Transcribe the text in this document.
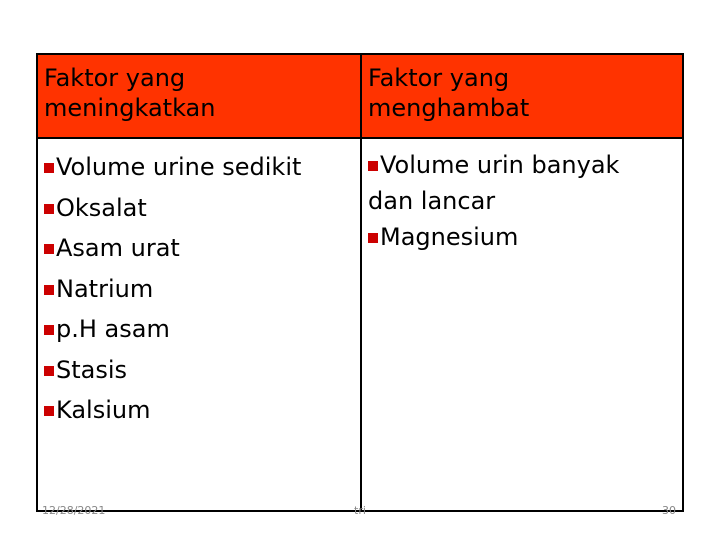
Faktor yang meningkatkan
Faktor yang menghambat
Volume urine sedikit
Oksalat
Asam urat
Natrium
p.H asam
Stasis
Kalsium
Volume urin banyak dan lancar
Magnesium
12/28/2021	tri	30
